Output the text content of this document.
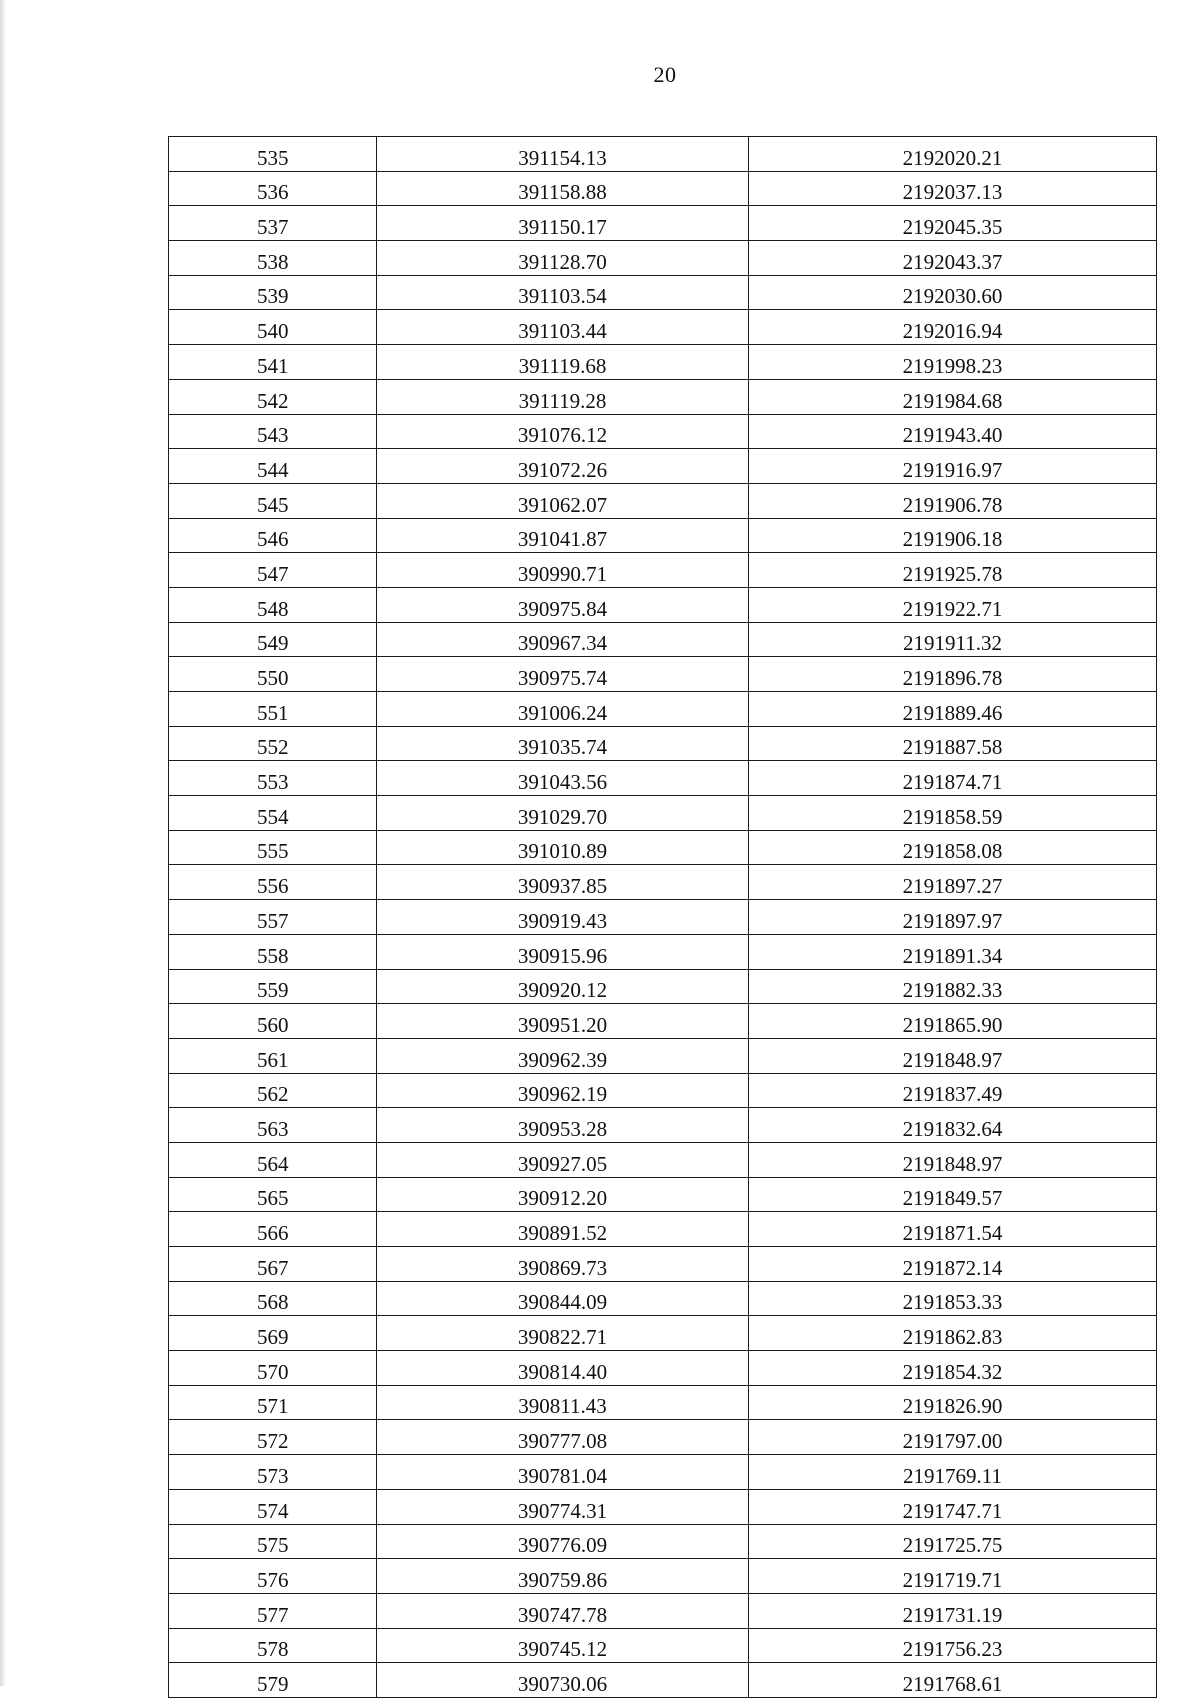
20
535	391154.13	2192020.21
536	391158.88	2192037.13
537	391150.17	2192045.35
538	391128.70	2192043.37
539	391103.54	2192030.60
540	391103.44	2192016.94
541	391119.68	2191998.23
542	391119.28	2191984.68
543	391076.12	2191943.40
544	391072.26	2191916.97
545	391062.07	2191906.78
546	391041.87	2191906.18
547	390990.71	2191925.78
548	390975.84	2191922.71
549	390967.34	2191911.32
550	390975.74	2191896.78
551	391006.24	2191889.46
552	391035.74	2191887.58
553	391043.56	2191874.71
554	391029.70	2191858.59
555	391010.89	2191858.08
556	390937.85	2191897.27
557	390919.43	2191897.97
558	390915.96	2191891.34
559	390920.12	2191882.33
560	390951.20	2191865.90
561	390962.39	2191848.97
562	390962.19	2191837.49
563	390953.28	2191832.64
564	390927.05	2191848.97
565	390912.20	2191849.57
566	390891.52	2191871.54
567	390869.73	2191872.14
568	390844.09	2191853.33
569	390822.71	2191862.83
570	390814.40	2191854.32
571	390811.43	2191826.90
572	390777.08	2191797.00
573	390781.04	2191769.11
574	390774.31	2191747.71
575	390776.09	2191725.75
576	390759.86	2191719.71
577	390747.78	2191731.19
578	390745.12	2191756.23
579	390730.06	2191768.61
